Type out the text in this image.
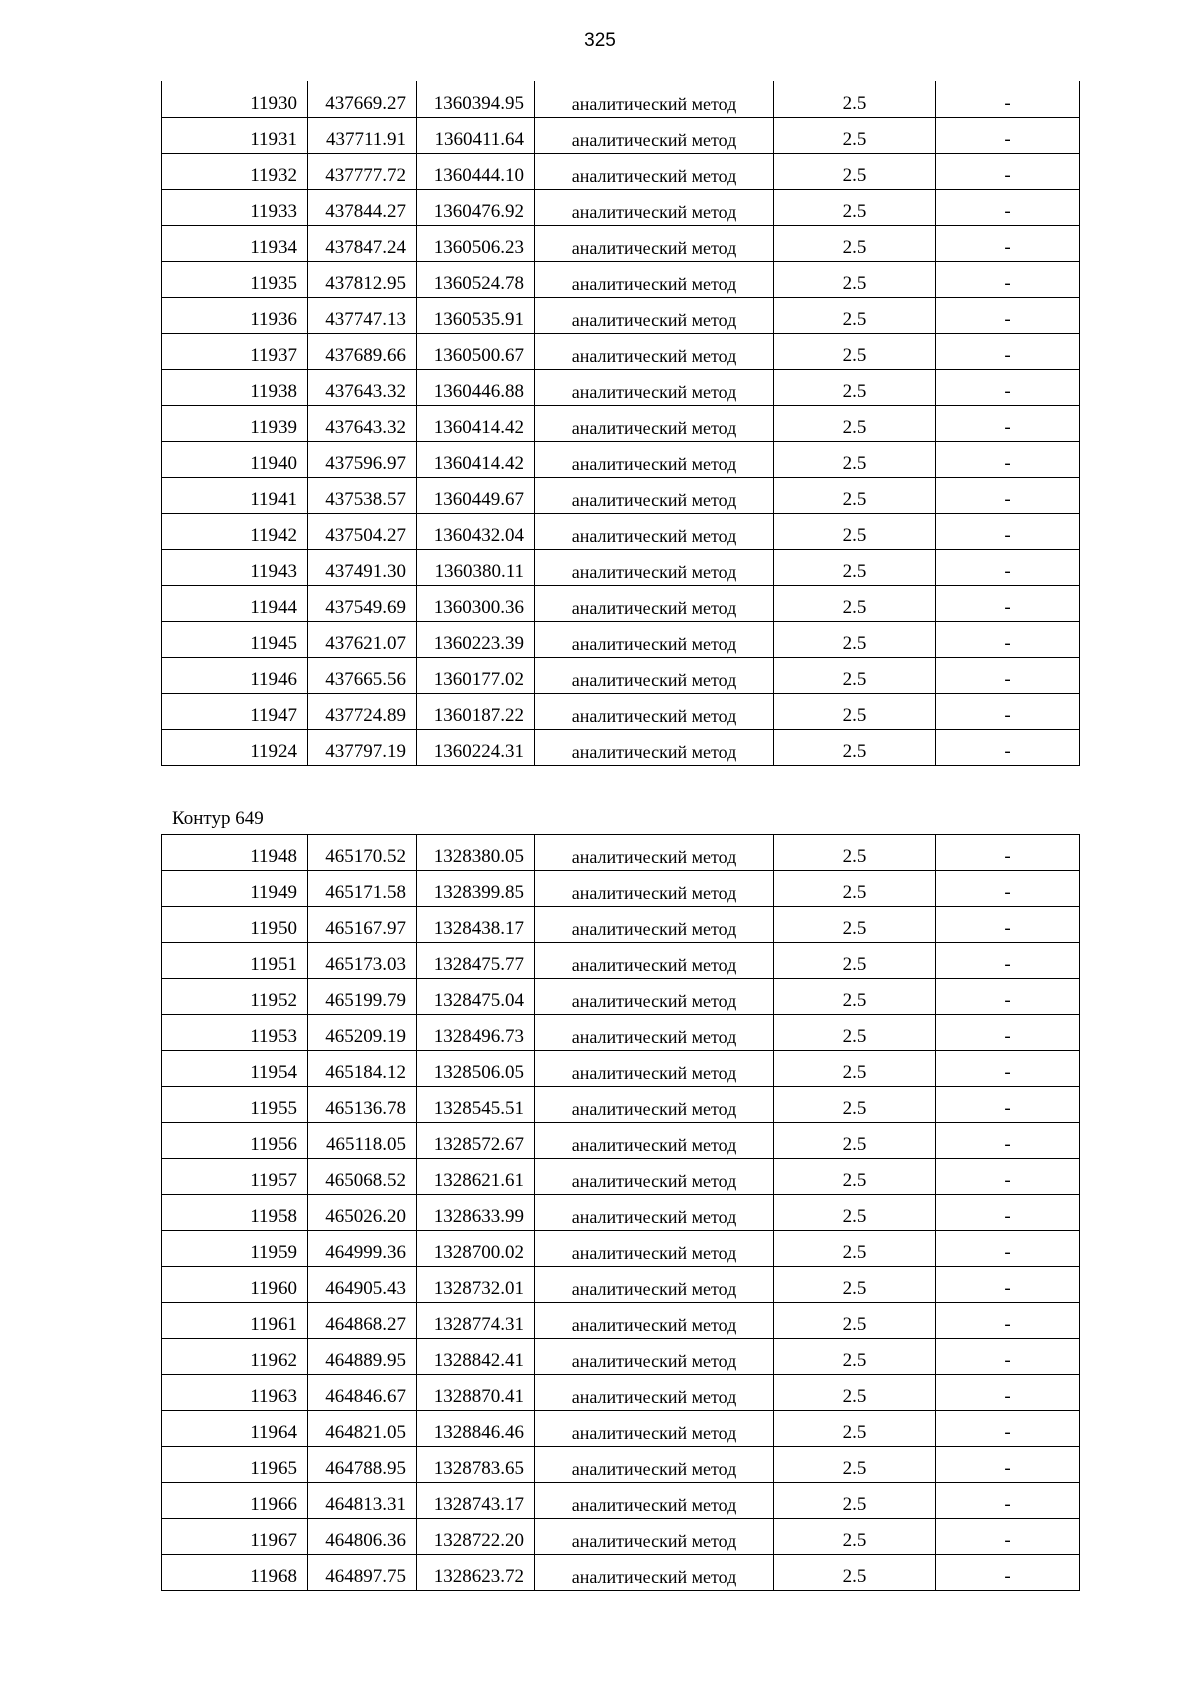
325
11930	437669.27	1360394.95	аналитический метод	2.5	-
11931	437711.91	1360411.64	аналитический метод	2.5	-
11932	437777.72	1360444.10	аналитический метод	2.5	-
11933	437844.27	1360476.92	аналитический метод	2.5	-
11934	437847.24	1360506.23	аналитический метод	2.5	-
11935	437812.95	1360524.78	аналитический метод	2.5	-
11936	437747.13	1360535.91	аналитический метод	2.5	-
11937	437689.66	1360500.67	аналитический метод	2.5	-
11938	437643.32	1360446.88	аналитический метод	2.5	-
11939	437643.32	1360414.42	аналитический метод	2.5	-
11940	437596.97	1360414.42	аналитический метод	2.5	-
11941	437538.57	1360449.67	аналитический метод	2.5	-
11942	437504.27	1360432.04	аналитический метод	2.5	-
11943	437491.30	1360380.11	аналитический метод	2.5	-
11944	437549.69	1360300.36	аналитический метод	2.5	-
11945	437621.07	1360223.39	аналитический метод	2.5	-
11946	437665.56	1360177.02	аналитический метод	2.5	-
11947	437724.89	1360187.22	аналитический метод	2.5	-
11924	437797.19	1360224.31	аналитический метод	2.5	-
Контур 649
11948	465170.52	1328380.05	аналитический метод	2.5	-
11949	465171.58	1328399.85	аналитический метод	2.5	-
11950	465167.97	1328438.17	аналитический метод	2.5	-
11951	465173.03	1328475.77	аналитический метод	2.5	-
11952	465199.79	1328475.04	аналитический метод	2.5	-
11953	465209.19	1328496.73	аналитический метод	2.5	-
11954	465184.12	1328506.05	аналитический метод	2.5	-
11955	465136.78	1328545.51	аналитический метод	2.5	-
11956	465118.05	1328572.67	аналитический метод	2.5	-
11957	465068.52	1328621.61	аналитический метод	2.5	-
11958	465026.20	1328633.99	аналитический метод	2.5	-
11959	464999.36	1328700.02	аналитический метод	2.5	-
11960	464905.43	1328732.01	аналитический метод	2.5	-
11961	464868.27	1328774.31	аналитический метод	2.5	-
11962	464889.95	1328842.41	аналитический метод	2.5	-
11963	464846.67	1328870.41	аналитический метод	2.5	-
11964	464821.05	1328846.46	аналитический метод	2.5	-
11965	464788.95	1328783.65	аналитический метод	2.5	-
11966	464813.31	1328743.17	аналитический метод	2.5	-
11967	464806.36	1328722.20	аналитический метод	2.5	-
11968	464897.75	1328623.72	аналитический метод	2.5	-
